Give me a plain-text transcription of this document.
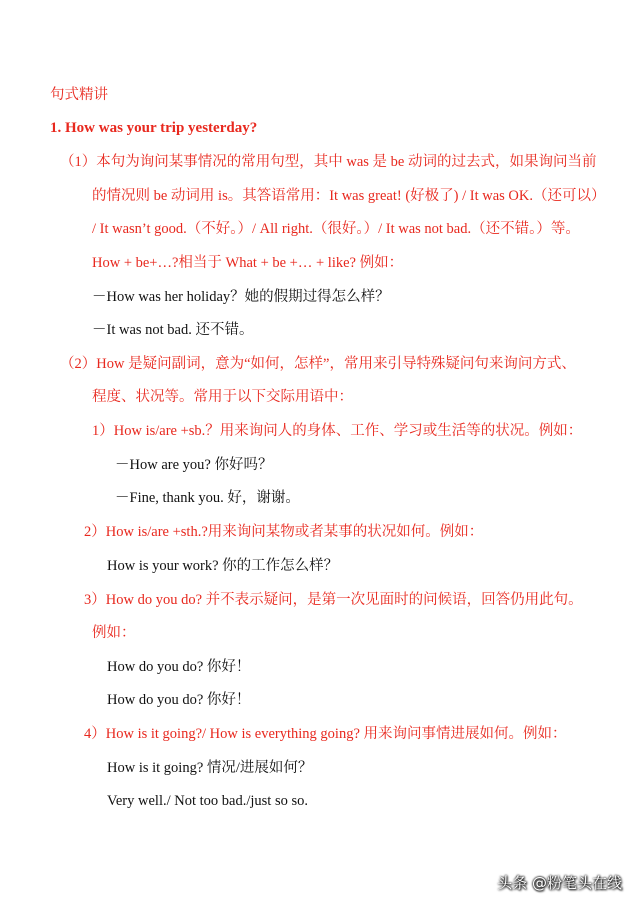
句式精讲
1. How was your trip yesterday?
（1）本句为询问某事情况的常用句型，其中 was 是 be 动词的过去式，如果询问当前
的情况则 be 动词用 is。其答语常用：It was great! (好极了) / It was OK.（还可以）
/ It wasn’t good.（不好。）/ All right.（很好。）/ It was not bad.（还不错。）等。
How + be+…?相当于 What + be +… + like? 例如：
－How was her holiday？她的假期过得怎么样？
－It was not bad. 还不错。
（2）How 是疑问副词，意为“如何，怎样”，常用来引导特殊疑问句来询问方式、
程度、状况等。常用于以下交际用语中：
1）How is/are +sb.？用来询问人的身体、工作、学习或生活等的状况。例如：
－How are you? 你好吗？
－Fine, thank you. 好，谢谢。
2）How is/are +sth.?用来询问某物或者某事的状况如何。例如：
How is your work? 你的工作怎么样？
3）How do you do? 并不表示疑问，是第一次见面时的问候语，回答仍用此句。
例如：
How do you do? 你好！
How do you do? 你好！
4）How is it going?/ How is everything going? 用来询问事情进展如何。例如：
How is it going? 情况/进展如何？
Very well./ Not too bad./just so so.
头条 @粉笔头在线
